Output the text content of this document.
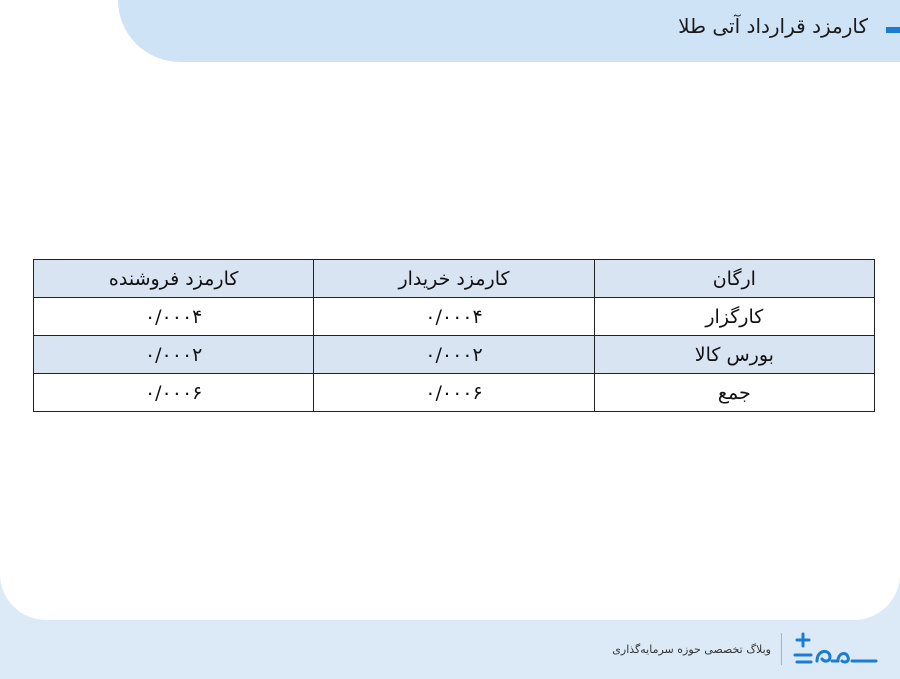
کارمزد قرارداد آتی طلا
ارگان	کارمزد خریدار	کارمزد فروشنده
کارگزار	۰/۰۰۰۴	۰/۰۰۰۴
بورس کالا	۰/۰۰۰۲	۰/۰۰۰۲
جمع	۰/۰۰۰۶	۰/۰۰۰۶
وبلاگ تخصصی حوزه سرمایه‌گذاری
